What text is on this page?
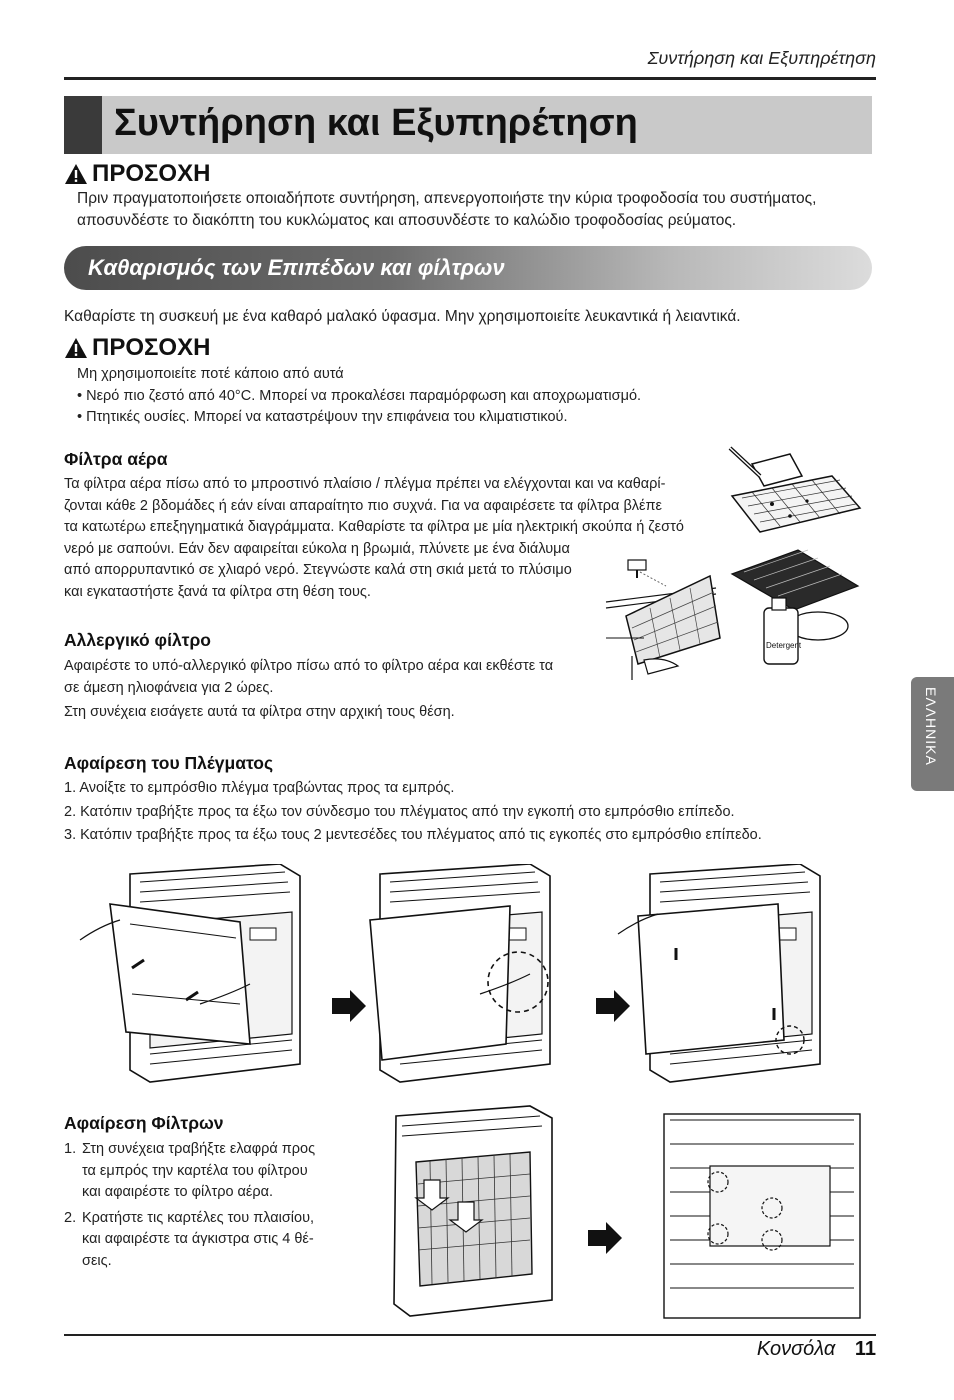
Συντήρηση και Εξυπηρέτηση
Συντήρηση και Εξυπηρέτηση
ΠΡΟΣΟΧΗ
Πριν πραγματοποιήσετε οποιαδήποτε συντήρηση, απενεργοποιήστε την κύρια τροφοδοσία του συστήματος,
αποσυνδέστε το διακόπτη του κυκλώματος και αποσυνδέστε το καλώδιο τροφοδοσίας ρεύματος.
Καθαρισμός των Επιπέδων και φίλτρων
Καθαρίστε τη συσκευή με ένα καθαρό μαλακό ύφασμα. Μην χρησιμοποιείτε λευκαντικά ή λειαντικά.
ΠΡΟΣΟΧΗ
Μη χρησιμοποιείτε ποτέ κάποιο από αυτά
• Νερό πιο ζεστό από 40°C. Μπορεί να προκαλέσει παραμόρφωση και αποχρωματισμό.
• Πτητικές ουσίες. Μπορεί να καταστρέψουν την επιφάνεια του κλιματιστικού.
Φίλτρα αέρα
Τα φίλτρα αέρα πίσω από το μπροστινό πλαίσιο / πλέγμα πρέπει να ελέγχονται και να καθαρί-
ζονται κάθε 2 βδομάδες ή εάν είναι απαραίτητο πιο συχνά. Για να αφαιρέσετε τα φίλτρα βλέπε
τα κατωτέρω επεξηγηματικά διαγράμματα. Καθαρίστε τα φίλτρα με μία ηλεκτρική σκούπα ή ζεστό
νερό με σαπούνι. Εάν δεν αφαιρείται εύκολα η βρωμιά, πλύνετε με ένα διάλυμα
από απορρυπαντικό σε χλιαρό νερό. Στεγνώστε καλά στη σκιά μετά το πλύσιμο
και εγκαταστήστε ξανά τα φίλτρα στη θέση τους.
Detergent
Αλλεργικό φίλτρο
Αφαιρέστε το υπό-αλλεργικό φίλτρο πίσω από το φίλτρο αέρα και εκθέστε τα
σε άμεση ηλιοφάνεια για 2 ώρες.
Στη συνέχεια εισάγετε αυτά τα φίλτρα στην αρχική τους θέση.	ΕΛΛΗΝΙΚΑ
Αφαίρεση του Πλέγματος
1. Ανοίξτε το εμπρόσθιο πλέγμα τραβώντας προς τα εμπρός.
2. Κατόπιν τραβήξτε προς τα έξω τον σύνδεσμο του πλέγματος από την εγκοπή στο εμπρόσθιο επίπεδο.
3. Κατόπιν τραβήξτε προς τα έξω τους 2 μεντεσέδες του πλέγματος από τις εγκοπές στο εμπρόσθιο επίπεδο.
Αφαίρεση Φίλτρων
1. Στη συνέχεια τραβήξτε ελαφρά προς
τα εμπρός την καρτέλα του φίλτρου
και αφαιρέστε το φίλτρο αέρα.
2. Κρατήστε τις καρτέλες του πλαισίου,
και αφαιρέστε τα άγκιστρα στις 4 θέ-
σεις.
Κονσόλα 11
